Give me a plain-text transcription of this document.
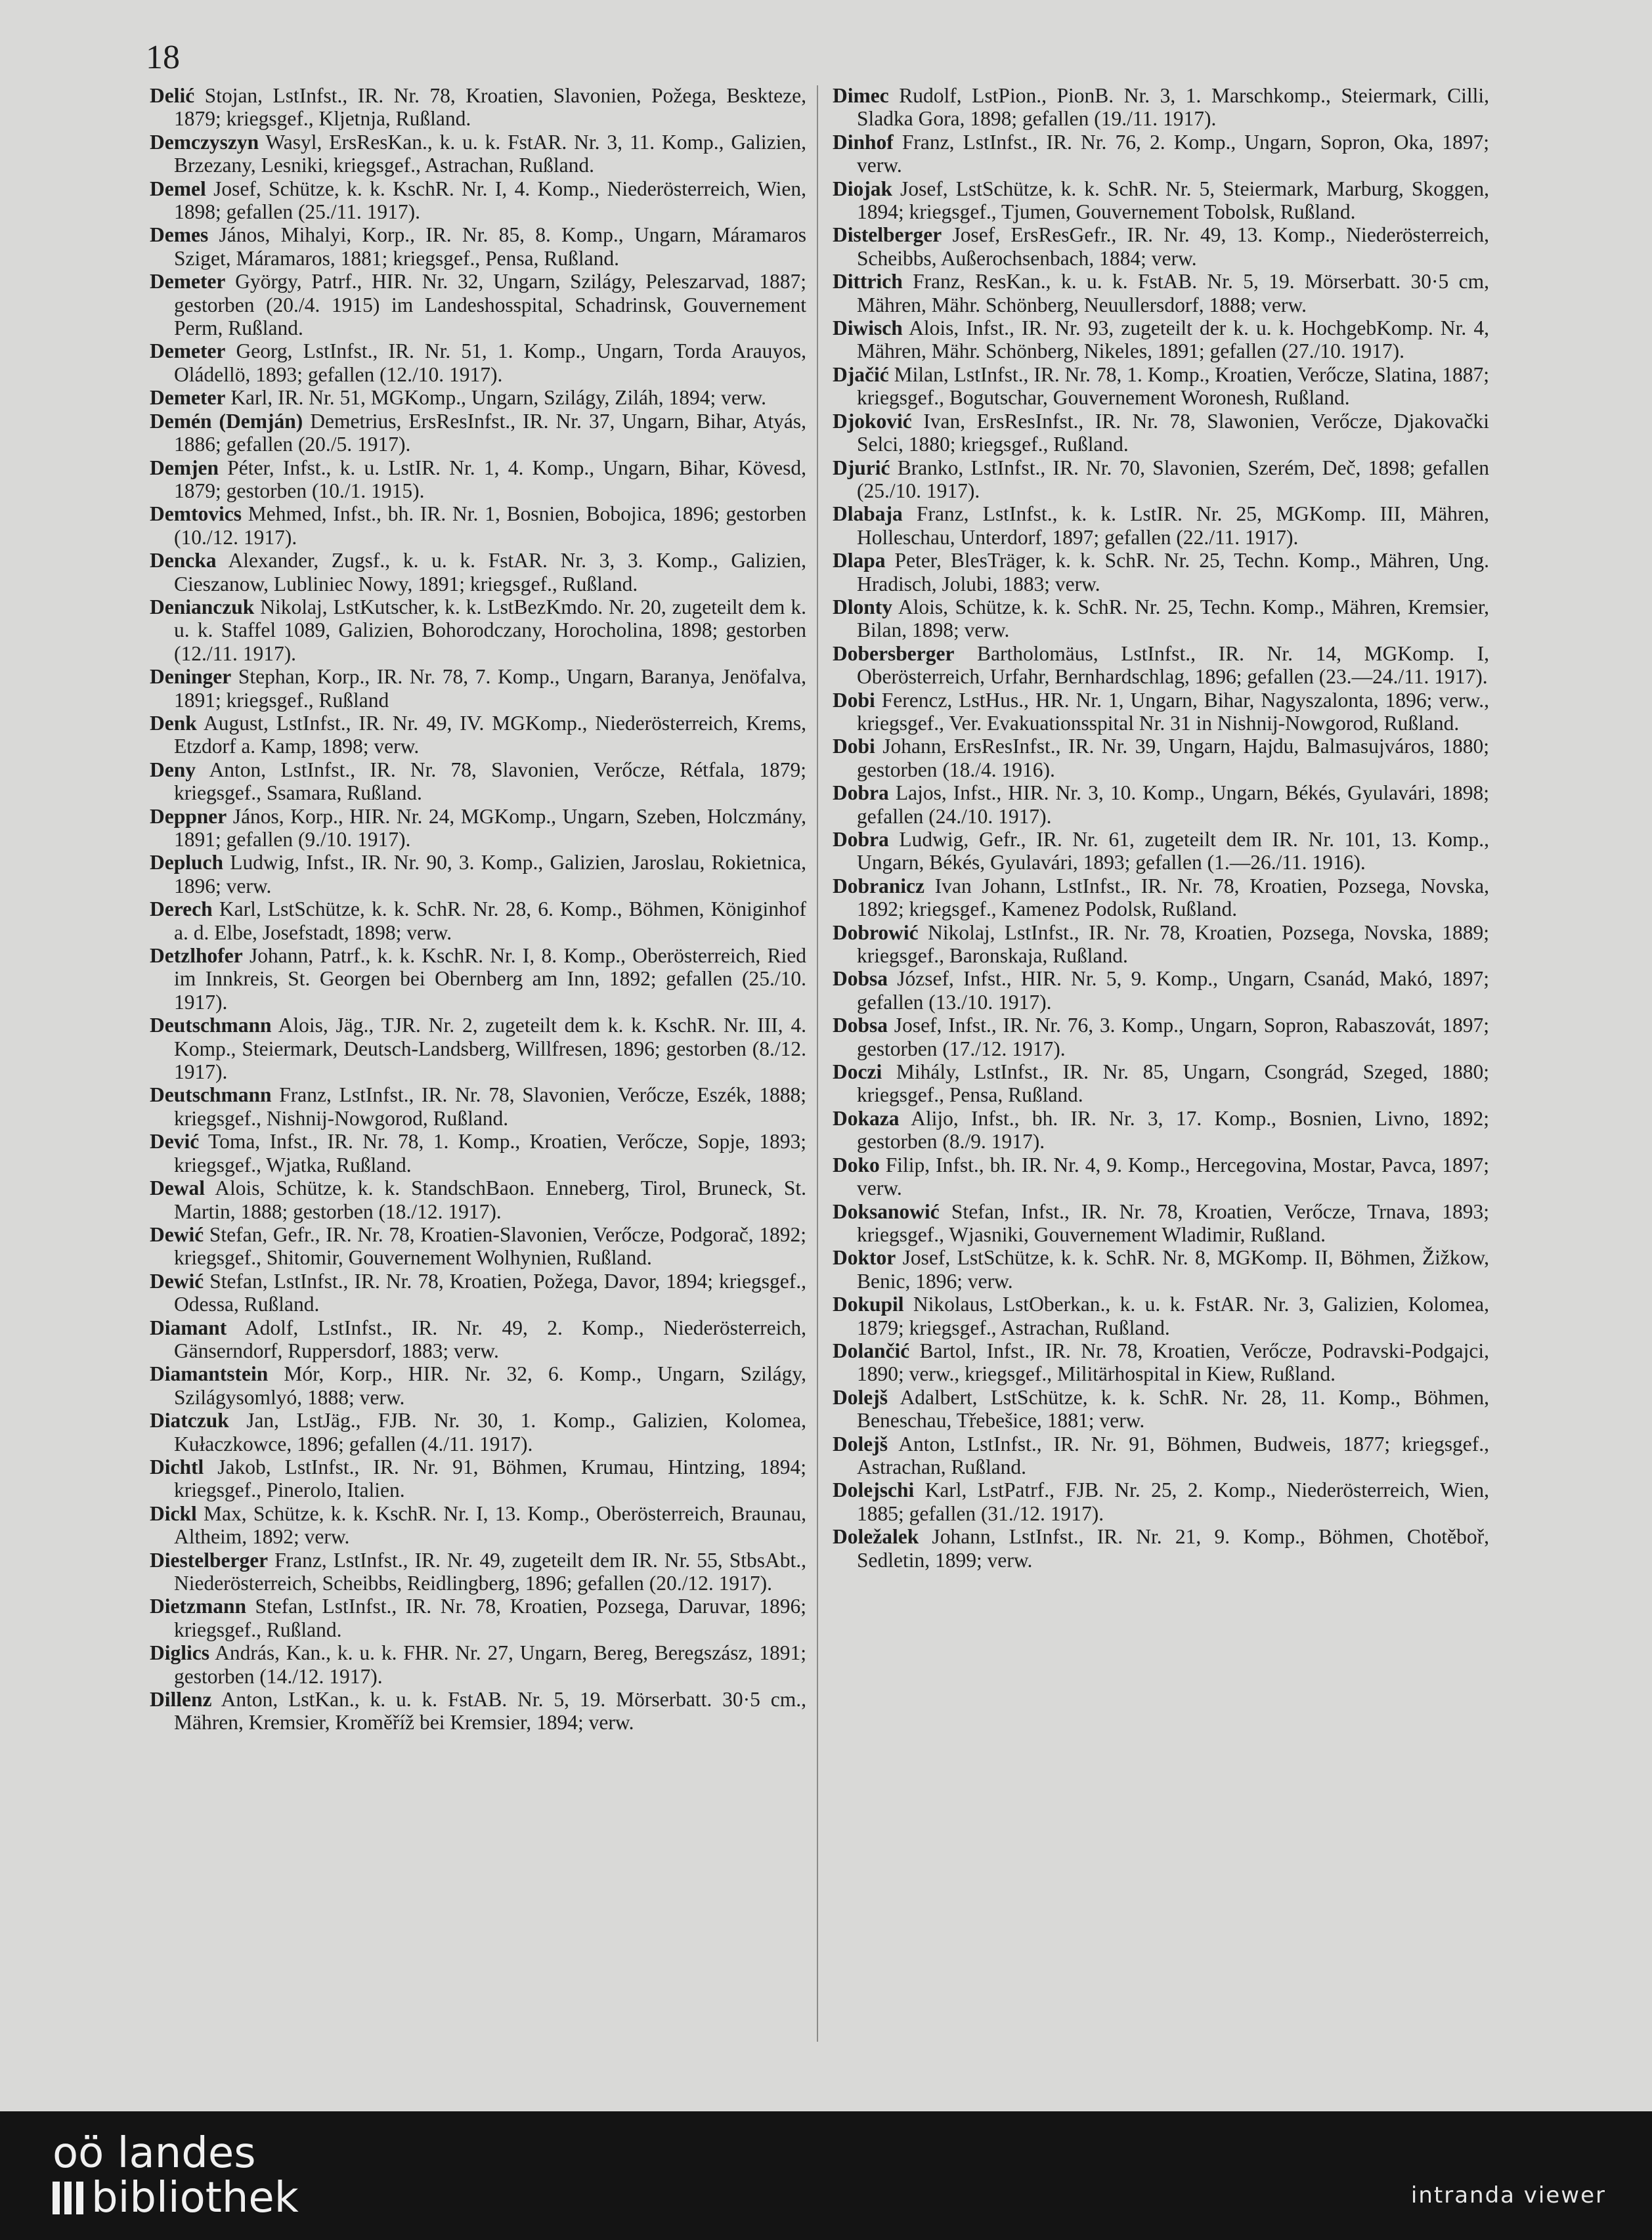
18

Delić Stojan, LstInfst., IR. Nr. 78, Kroatien, Slavonien, Požega, Beskteze, 1879; kriegsgef., Kljetnja, Rußland.

Demczyszyn Wasyl, ErsResKan., k. u. k. FstAR. Nr. 3, 11. Komp., Galizien, Brzezany, Lesniki, kriegsgef., Astrachan, Rußland.

Demel Josef, Schütze, k. k. KschR. Nr. I, 4. Komp., Niederösterreich, Wien, 1898; gefallen (25./11. 1917).

Demes János, Mihalyi, Korp., IR. Nr. 85, 8. Komp., Ungarn, Máramaros Sziget, Máramaros, 1881; kriegsgef., Pensa, Rußland.

Demeter György, Patrf., HIR. Nr. 32, Ungarn, Szilágy, Peleszarvad, 1887; gestorben (20./4. 1915) im Landeshosspital, Schadrinsk, Gouvernement Perm, Rußland.

Demeter Georg, LstInfst., IR. Nr. 51, 1. Komp., Ungarn, Torda Arauyos, Oládellö, 1893; gefallen (12./10. 1917).

Demeter Karl, IR. Nr. 51, MGKomp., Ungarn, Szilágy, Ziláh, 1894; verw.

Demén (Demján) Demetrius, ErsResInfst., IR. Nr. 37, Ungarn, Bihar, Atyás, 1886; gefallen (20./5. 1917).

Demjen Péter, Infst., k. u. LstIR. Nr. 1, 4. Komp., Ungarn, Bihar, Kövesd, 1879; gestorben (10./1. 1915).

Demtovics Mehmed, Infst., bh. IR. Nr. 1, Bosnien, Bobojica, 1896; gestorben (10./12. 1917).

Dencka Alexander, Zugsf., k. u. k. FstAR. Nr. 3, 3. Komp., Galizien, Cieszanow, Lubliniec Nowy, 1891; kriegsgef., Rußland.

Denianczuk Nikolaj, LstKutscher, k. k. LstBezKmdo. Nr. 20, zugeteilt dem k. u. k. Staffel 1089, Galizien, Bohorodczany, Horocholina, 1898; gestorben (12./11. 1917).

Deninger Stephan, Korp., IR. Nr. 78, 7. Komp., Ungarn, Baranya, Jenöfalva, 1891; kriegsgef., Rußland

Denk August, LstInfst., IR. Nr. 49, IV. MGKomp., Niederösterreich, Krems, Etzdorf a. Kamp, 1898; verw.

Deny Anton, LstInfst., IR. Nr. 78, Slavonien, Verőcze, Rétfala, 1879; kriegsgef., Ssamara, Rußland.

Deppner János, Korp., HIR. Nr. 24, MGKomp., Ungarn, Szeben, Holczmány, 1891; gefallen (9./10. 1917).

Depluch Ludwig, Infst., IR. Nr. 90, 3. Komp., Galizien, Jaroslau, Rokietnica, 1896; verw.

Derech Karl, LstSchütze, k. k. SchR. Nr. 28, 6. Komp., Böhmen, Königinhof a. d. Elbe, Josefstadt, 1898; verw.

Detzlhofer Johann, Patrf., k. k. KschR. Nr. I, 8. Komp., Oberösterreich, Ried im Innkreis, St. Georgen bei Obernberg am Inn, 1892; gefallen (25./10. 1917).

Deutschmann Alois, Jäg., TJR. Nr. 2, zugeteilt dem k. k. KschR. Nr. III, 4. Komp., Steiermark, Deutsch-Landsberg, Willfresen, 1896; gestorben (8./12. 1917).

Deutschmann Franz, LstInfst., IR. Nr. 78, Slavonien, Verőcze, Eszék, 1888; kriegsgef., Nishnij-Nowgorod, Rußland.

Dević Toma, Infst., IR. Nr. 78, 1. Komp., Kroatien, Verőcze, Sopje, 1893; kriegsgef., Wjatka, Rußland.

Dewal Alois, Schütze, k. k. StandschBaon. Enneberg, Tirol, Bruneck, St. Martin, 1888; gestorben (18./12. 1917).

Dewić Stefan, Gefr., IR. Nr. 78, Kroatien-Slavonien, Verőcze, Podgorač, 1892; kriegsgef., Shitomir, Gouvernement Wolhynien, Rußland.

Dewić Stefan, LstInfst., IR. Nr. 78, Kroatien, Požega, Davor, 1894; kriegsgef., Odessa, Rußland.

Diamant Adolf, LstInfst., IR. Nr. 49, 2. Komp., Niederösterreich, Gänserndorf, Ruppersdorf, 1883; verw.

Diamantstein Mór, Korp., HIR. Nr. 32, 6. Komp., Ungarn, Szilágy, Szilágysomlyó, 1888; verw.

Diatczuk Jan, LstJäg., FJB. Nr. 30, 1. Komp., Galizien, Kolomea, Kułaczkowce, 1896; gefallen (4./11. 1917).

Dichtl Jakob, LstInfst., IR. Nr. 91, Böhmen, Krumau, Hintzing, 1894; kriegsgef., Pinerolo, Italien.

Dickl Max, Schütze, k. k. KschR. Nr. I, 13. Komp., Oberösterreich, Braunau, Altheim, 1892; verw.

Diestelberger Franz, LstInfst., IR. Nr. 49, zugeteilt dem IR. Nr. 55, StbsAbt., Niederösterreich, Scheibbs, Reidlingberg, 1896; gefallen (20./12. 1917).

Dietzmann Stefan, LstInfst., IR. Nr. 78, Kroatien, Pozsega, Daruvar, 1896; kriegsgef., Rußland.

Diglics András, Kan., k. u. k. FHR. Nr. 27, Ungarn, Bereg, Beregszász, 1891; gestorben (14./12. 1917).

Dillenz Anton, LstKan., k. u. k. FstAB. Nr. 5, 19. Mörserbatt. 30·5 cm., Mähren, Kremsier, Kroměříž bei Kremsier, 1894; verw.

Dimec Rudolf, LstPion., PionB. Nr. 3, 1. Marschkomp., Steiermark, Cilli, Sladka Gora, 1898; gefallen (19./11. 1917).

Dinhof Franz, LstInfst., IR. Nr. 76, 2. Komp., Ungarn, Sopron, Oka, 1897; verw.

Diojak Josef, LstSchütze, k. k. SchR. Nr. 5, Steiermark, Marburg, Skoggen, 1894; kriegsgef., Tjumen, Gouvernement Tobolsk, Rußland.

Distelberger Josef, ErsResGefr., IR. Nr. 49, 13. Komp., Niederösterreich, Scheibbs, Außerochsenbach, 1884; verw.

Dittrich Franz, ResKan., k. u. k. FstAB. Nr. 5, 19. Mörserbatt. 30·5 cm, Mähren, Mähr. Schönberg, Neuullersdorf, 1888; verw.

Diwisch Alois, Infst., IR. Nr. 93, zugeteilt der k. u. k. HochgebKomp. Nr. 4, Mähren, Mähr. Schönberg, Nikeles, 1891; gefallen (27./10. 1917).

Djačić Milan, LstInfst., IR. Nr. 78, 1. Komp., Kroatien, Verőcze, Slatina, 1887; kriegsgef., Bogutschar, Gouvernement Woronesh, Rußland.

Djoković Ivan, ErsResInfst., IR. Nr. 78, Slawonien, Verőcze, Djakovački Selci, 1880; kriegsgef., Rußland.

Djurić Branko, LstInfst., IR. Nr. 70, Slavonien, Szerém, Deč, 1898; gefallen (25./10. 1917).

Dlabaja Franz, LstInfst., k. k. LstIR. Nr. 25, MGKomp. III, Mähren, Holleschau, Unterdorf, 1897; gefallen (22./11. 1917).

Dlapa Peter, BlesTräger, k. k. SchR. Nr. 25, Techn. Komp., Mähren, Ung. Hradisch, Jolubi, 1883; verw.

Dlonty Alois, Schütze, k. k. SchR. Nr. 25, Techn. Komp., Mähren, Kremsier, Bilan, 1898; verw.

Dobersberger Bartholomäus, LstInfst., IR. Nr. 14, MGKomp. I, Oberösterreich, Urfahr, Bernhardschlag, 1896; gefallen (23.—24./11. 1917).

Dobi Ferencz, LstHus., HR. Nr. 1, Ungarn, Bihar, Nagyszalonta, 1896; verw., kriegsgef., Ver. Evakuationsspital Nr. 31 in Nishnij-Nowgorod, Rußland.

Dobi Johann, ErsResInfst., IR. Nr. 39, Ungarn, Hajdu, Balmasujváros, 1880; gestorben (18./4. 1916).

Dobra Lajos, Infst., HIR. Nr. 3, 10. Komp., Ungarn, Békés, Gyulavári, 1898; gefallen (24./10. 1917).

Dobra Ludwig, Gefr., IR. Nr. 61, zugeteilt dem IR. Nr. 101, 13. Komp., Ungarn, Békés, Gyulavári, 1893; gefallen (1.—26./11. 1916).

Dobranicz Ivan Johann, LstInfst., IR. Nr. 78, Kroatien, Pozsega, Novska, 1892; kriegsgef., Kamenez Podolsk, Rußland.

Dobrowić Nikolaj, LstInfst., IR. Nr. 78, Kroatien, Pozsega, Novska, 1889; kriegsgef., Baronskaja, Rußland.

Dobsa József, Infst., HIR. Nr. 5, 9. Komp., Ungarn, Csanád, Makó, 1897; gefallen (13./10. 1917).

Dobsa Josef, Infst., IR. Nr. 76, 3. Komp., Ungarn, Sopron, Rabaszovát, 1897; gestorben (17./12. 1917).

Doczi Mihály, LstInfst., IR. Nr. 85, Ungarn, Csongrád, Szeged, 1880; kriegsgef., Pensa, Rußland.

Dokaza Alijo, Infst., bh. IR. Nr. 3, 17. Komp., Bosnien, Livno, 1892; gestorben (8./9. 1917).

Doko Filip, Infst., bh. IR. Nr. 4, 9. Komp., Hercegovina, Mostar, Pavca, 1897; verw.

Doksanowić Stefan, Infst., IR. Nr. 78, Kroatien, Verőcze, Trnava, 1893; kriegsgef., Wjasniki, Gouvernement Wladimir, Rußland.

Doktor Josef, LstSchütze, k. k. SchR. Nr. 8, MGKomp. II, Böhmen, Žižkow, Benic, 1896; verw.

Dokupil Nikolaus, LstOberkan., k. u. k. FstAR. Nr. 3, Galizien, Kolomea, 1879; kriegsgef., Astrachan, Rußland.

Dolančić Bartol, Infst., IR. Nr. 78, Kroatien, Verőcze, Podravski-Podgajci, 1890; verw., kriegsgef., Militärhospital in Kiew, Rußland.

Dolejš Adalbert, LstSchütze, k. k. SchR. Nr. 28, 11. Komp., Böhmen, Beneschau, Třebešice, 1881; verw.

Dolejš Anton, LstInfst., IR. Nr. 91, Böhmen, Budweis, 1877; kriegsgef., Astrachan, Rußland.

Dolejschi Karl, LstPatrf., FJB. Nr. 25, 2. Komp., Niederösterreich, Wien, 1885; gefallen (31./12. 1917).

Doležalek Johann, LstInfst., IR. Nr. 21, 9. Komp., Böhmen, Chotěboř, Sedletin, 1899; verw.

oö landes
bibliothek	intranda viewer
